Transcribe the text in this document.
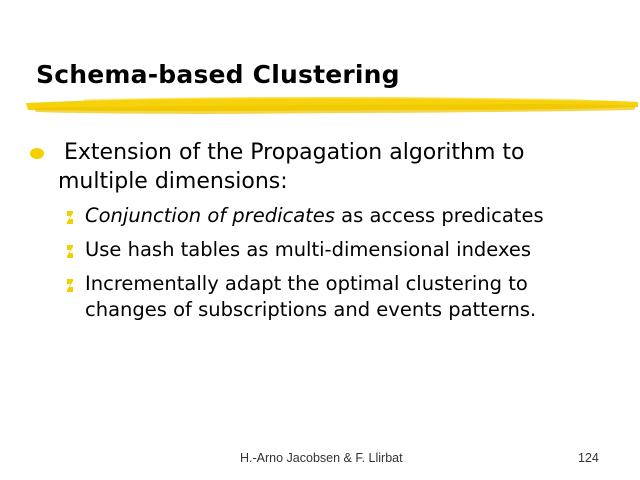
Schema-based Clustering
Extension of the Propagation algorithm to
multiple dimensions:
Conjunction of predicates as access predicates
Use hash tables as multi-dimensional indexes
Incrementally adapt the optimal clustering to
changes of subscriptions and events patterns.
H.-Arno Jacobsen & F. Llirbat	124
